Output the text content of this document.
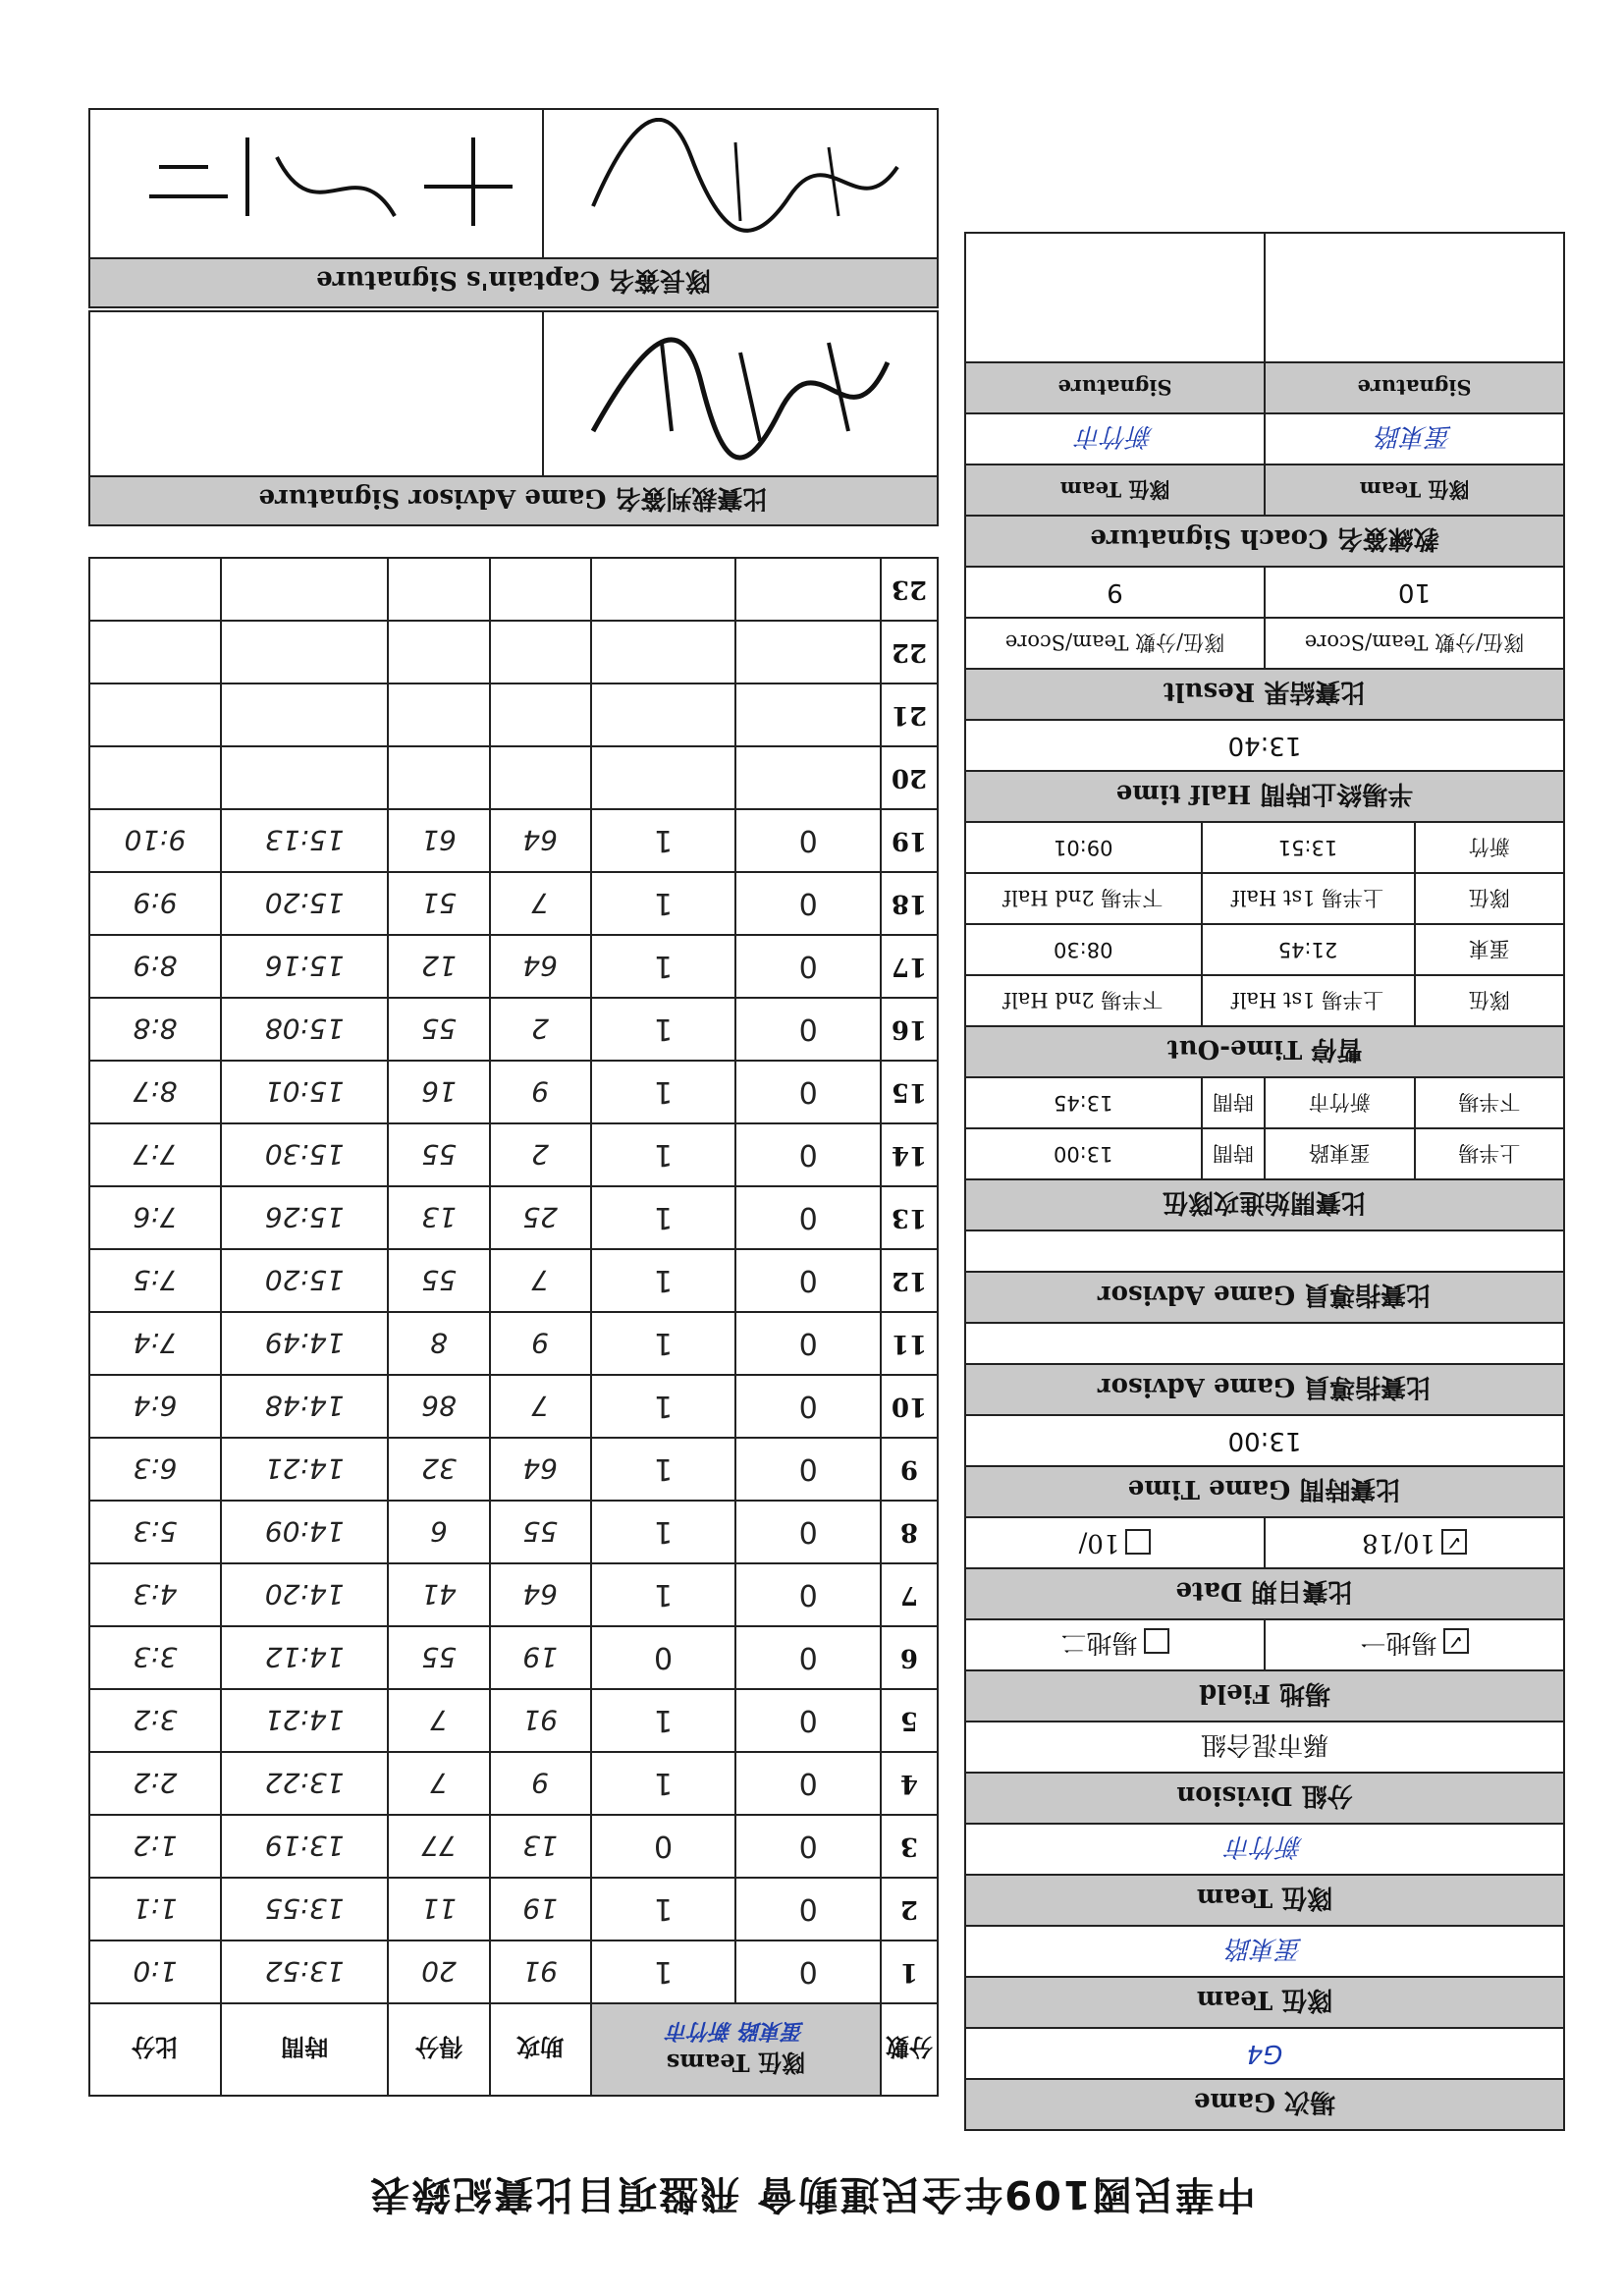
中華民國109年全民運動會 飛盤項目比賽紀錄表
場次 Game			
G4			
隊伍 Team			
蛋東路			
隊伍 Team			
新竹市			
分組 Division			
縣市混合組			
場地 Field			
✓場地一		場地二	
比賽日期 Date			
✓10/18		10/	
比賽時間 Game Time			
13:00			
比賽指導員 Game Advisor			

比賽指導員 Game Advisor			

比賽開始進攻隊伍			
上半場	蛋東路	時間	13:00
下半場	新竹市	時間	13:45
暫停 Time-Out			
隊伍	上半場 1st Half		下半場 2nd Half
蛋東	21:45		08:30
隊伍	上半場 1st Half		下半場 2nd Half
新竹	13:51		09:01
半場終止時間 Half time			
13:40			
比賽結果 Result			
隊伍/分數 Team/Score		隊伍/分數 Team/Score	
10		9	
教練簽名 Coach Signature			
隊伍 Team		隊伍 Team	
蛋東路		新竹市	
Signature		Signature	

分數	隊伍 Teams
蛋東路 新竹市		助攻	得分	時間	比分
1	0	1	91	20	13:52	1:0
2	0	1	19	11	13:55	1:1
3	0	0	13	77	13:19	1:2
4	0	1	9	7	13:22	2:2
5	0	1	91	7	14:21	3:2
6	0	0	19	55	14:12	3:3
7	0	1	64	41	14:20	4:3
8	0	1	55	6	14:09	5:3
9	0	1	64	32	14:21	6:3
10	0	1	7	86	14:48	6:4
11	0	1	9	8	14:49	7:4
12	0	1	7	55	15:20	7:5
13	0	1	25	13	15:26	7:6
14	0	1	2	55	15:30	7:7
15	0	1	9	16	15:01	8:7
16	0	1	2	55	15:08	8:8
17	0	1	64	12	15:16	8:9
18	0	1	7	51	15:20	9:9
19	0	1	64	61	15:13	9:10
20						
21						
22						
23						
比賽裁判簽名 Game Advisor Signature

隊長簽名 Captain's Signature
